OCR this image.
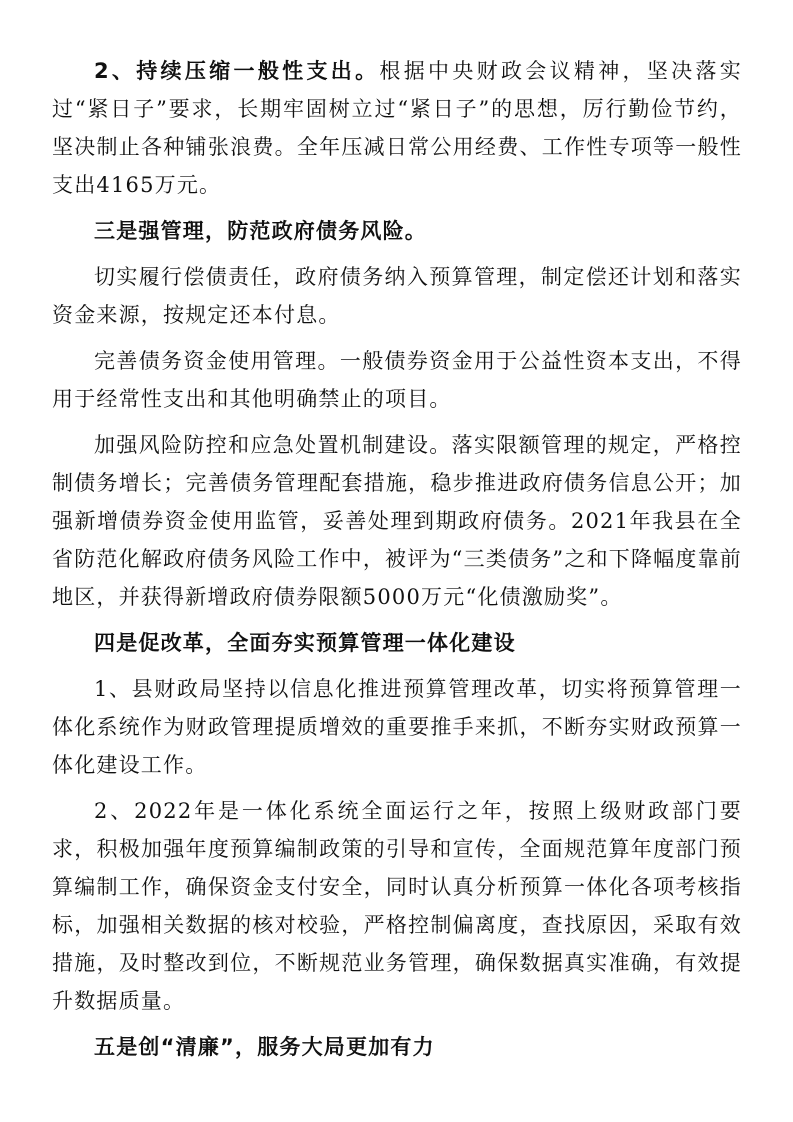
2、持续压缩一般性支出。根据中央财政会议精神，坚决落实过“紧日子”要求，长期牢固树立过“紧日子”的思想，厉行勤俭节约，坚决制止各种铺张浪费。全年压减日常公用经费、工作性专项等一般性支出4165万元。

三是强管理，防范政府债务风险。

切实履行偿债责任，政府债务纳入预算管理，制定偿还计划和落实资金来源，按规定还本付息。

完善债务资金使用管理。一般债券资金用于公益性资本支出，不得用于经常性支出和其他明确禁止的项目。

加强风险防控和应急处置机制建设。落实限额管理的规定，严格控制债务增长；完善债务管理配套措施，稳步推进政府债务信息公开；加强新增债券资金使用监管，妥善处理到期政府债务。2021年我县在全省防范化解政府债务风险工作中，被评为“三类债务”之和下降幅度靠前地区，并获得新增政府债券限额5000万元“化债激励奖”。

四是促改革，全面夯实预算管理一体化建设

1、县财政局坚持以信息化推进预算管理改革，切实将预算管理一体化系统作为财政管理提质增效的重要推手来抓，不断夯实财政预算一体化建设工作。

2、2022年是一体化系统全面运行之年，按照上级财政部门要求，积极加强年度预算编制政策的引导和宣传，全面规范算年度部门预算编制工作，确保资金支付安全，同时认真分析预算一体化各项考核指标，加强相关数据的核对校验，严格控制偏离度，查找原因，采取有效措施，及时整改到位，不断规范业务管理，确保数据真实准确，有效提升数据质量。

五是创“清廉”，服务大局更加有力
